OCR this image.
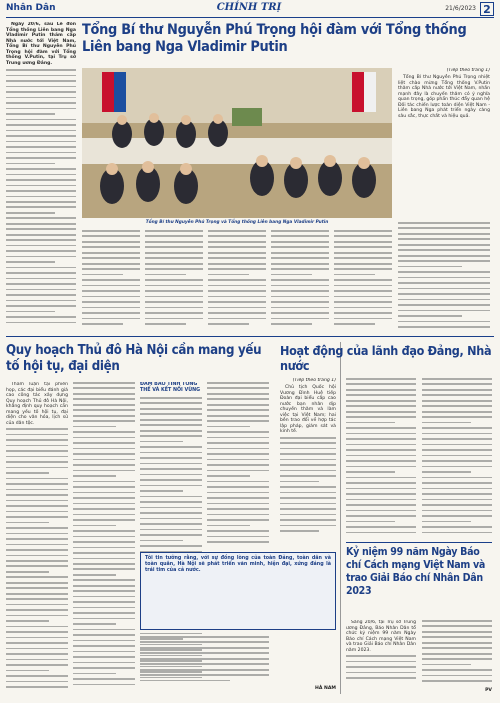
Nhân Dân	CHÍNH TRỊ	21/6/2023 2

Ngày 20/6, sau Lễ đón Tổng thống Liên bang Nga Vladimir Putin thăm cấp Nhà nước tới Việt Nam, Tổng Bí thư Nguyễn Phú Trọng hội đàm với Tổng thống V.Putin, tại Trụ sở Trung ương Đảng.

Tổng Bí thư Nguyễn Phú Trọng hội đàm với Tổng thống Liên bang Nga Vladimir Putin
Tổng Bí thư Nguyễn Phú Trọng và Tổng thống Liên bang Nga Vladimir Putin
(Tiếp theo trang 1)

Tổng Bí thư Nguyễn Phú Trọng nhiệt liệt chào mừng Tổng thống V.Putin thăm cấp Nhà nước tới Việt Nam, nhấn mạnh đây là chuyến thăm có ý nghĩa quan trọng, góp phần thúc đẩy quan hệ Đối tác chiến lược toàn diện Việt Nam - Liên bang Nga phát triển ngày càng sâu sắc, thực chất và hiệu quả.

Quy hoạch Thủ đô Hà Nội cần mang yếu tố hội tụ, đại diện

Tham luận tại phiên họp, các đại biểu đánh giá cao công tác xây dựng Quy hoạch Thủ đô Hà Nội, khẳng định quy hoạch cần mang yếu tố hội tụ, đại diện cho văn hóa, lịch sử của dân tộc.

ĐẢM BẢO TÍNH TỔNG THỂ VÀ KẾT NỐI VÙNG
Tôi tin tưởng rằng, với sự đồng lòng của toàn Đảng, toàn dân và toàn quân, Hà Nội sẽ phát triển văn minh, hiện đại, xứng đáng là trái tim của cả nước.
HÀ NAM
Hoạt động của lãnh đạo Đảng, Nhà nước
(Tiếp theo trang 1)

Chủ tịch Quốc hội Vương Đình Huệ tiếp Đoàn đại biểu cấp cao nước bạn nhân dịp chuyến thăm và làm việc tại Việt Nam; hai bên trao đổi về hợp tác lập pháp, giám sát và kinh tế.

Kỷ niệm 99 năm Ngày Báo chí Cách mạng Việt Nam và trao Giải Báo chí Nhân Dân 2023

Sáng 20/6, tại Trụ sở Trung ương Đảng, Báo Nhân Dân tổ chức kỷ niệm 99 năm Ngày Báo chí Cách mạng Việt Nam và trao Giải Báo chí Nhân Dân năm 2023.

PV
